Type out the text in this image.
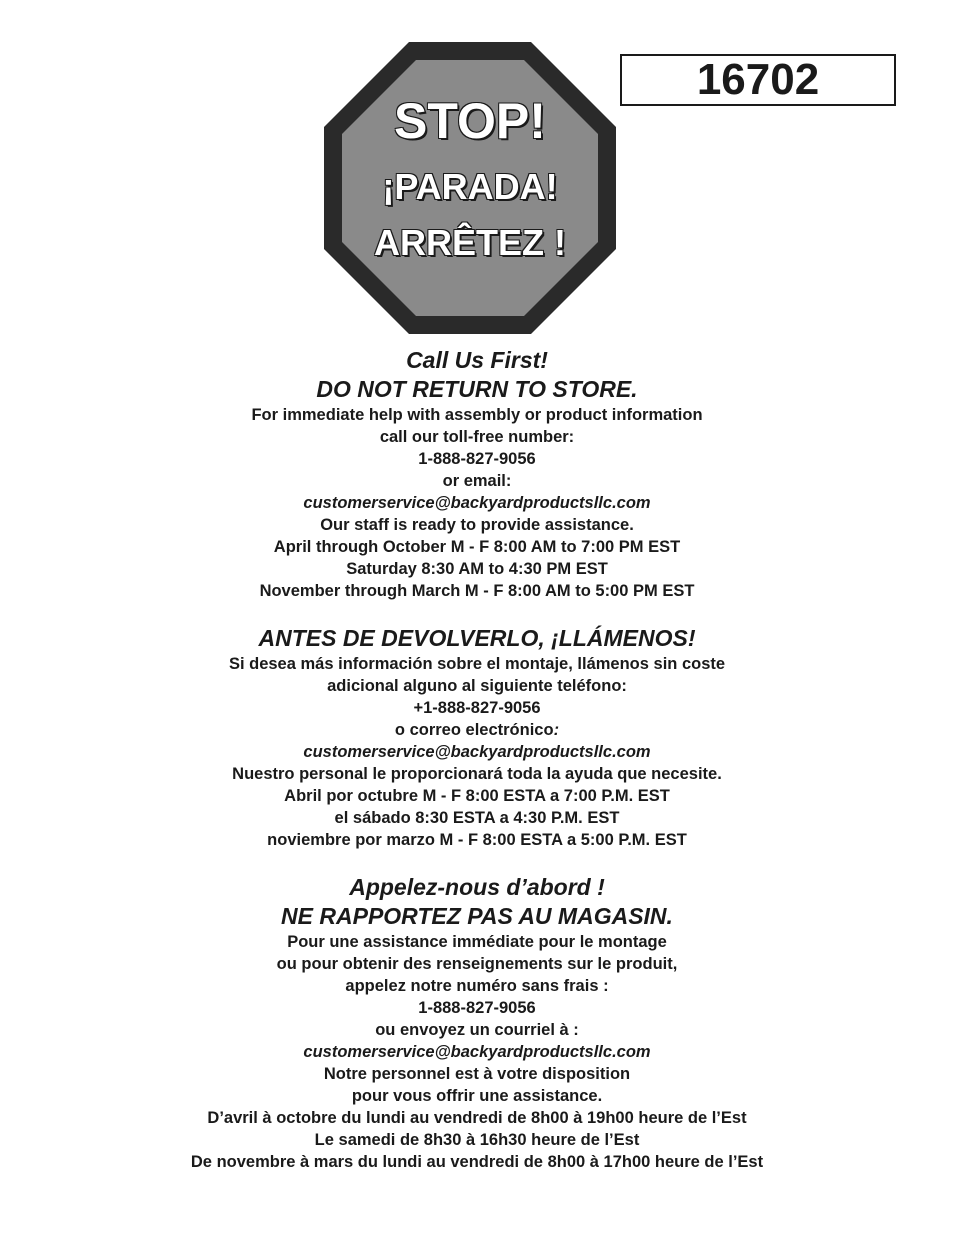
STOP!
¡PARADA!
ARRÊTEZ !
16702
Call Us First!
DO NOT RETURN TO STORE.
For immediate help with assembly or product information
call our toll-free number:
1-888-827-9056
or email:
customerservice@backyardproductsllc.com
Our staff is ready to provide assistance.
April through October M - F 8:00 AM to 7:00 PM EST
Saturday 8:30 AM to 4:30 PM EST
November through March M - F 8:00 AM to 5:00 PM EST
ANTES DE DEVOLVERLO, ¡LLÁMENOS!
Si desea más información sobre el montaje, llámenos sin coste
adicional alguno al siguiente teléfono:
+1-888-827-9056
o correo electrónico:
customerservice@backyardproductsllc.com
Nuestro personal le proporcionará toda la ayuda que necesite.
Abril por octubre M - F 8:00 ESTA a 7:00 P.M. EST
el sábado 8:30 ESTA a 4:30 P.M. EST
noviembre por marzo M - F 8:00 ESTA a 5:00 P.M. EST
Appelez-nous d’abord !
NE RAPPORTEZ PAS AU MAGASIN.
Pour une assistance immédiate pour le montage
ou pour obtenir des renseignements sur le produit,
appelez notre numéro sans frais :
1-888-827-9056
ou envoyez un courriel à :
customerservice@backyardproductsllc.com
Notre personnel est à votre disposition
pour vous offrir une assistance.
D’avril à octobre du lundi au vendredi de 8h00 à 19h00 heure de l’Est
Le samedi de 8h30 à 16h30 heure de l’Est
De novembre à mars du lundi au vendredi de 8h00 à 17h00 heure de l’Est
